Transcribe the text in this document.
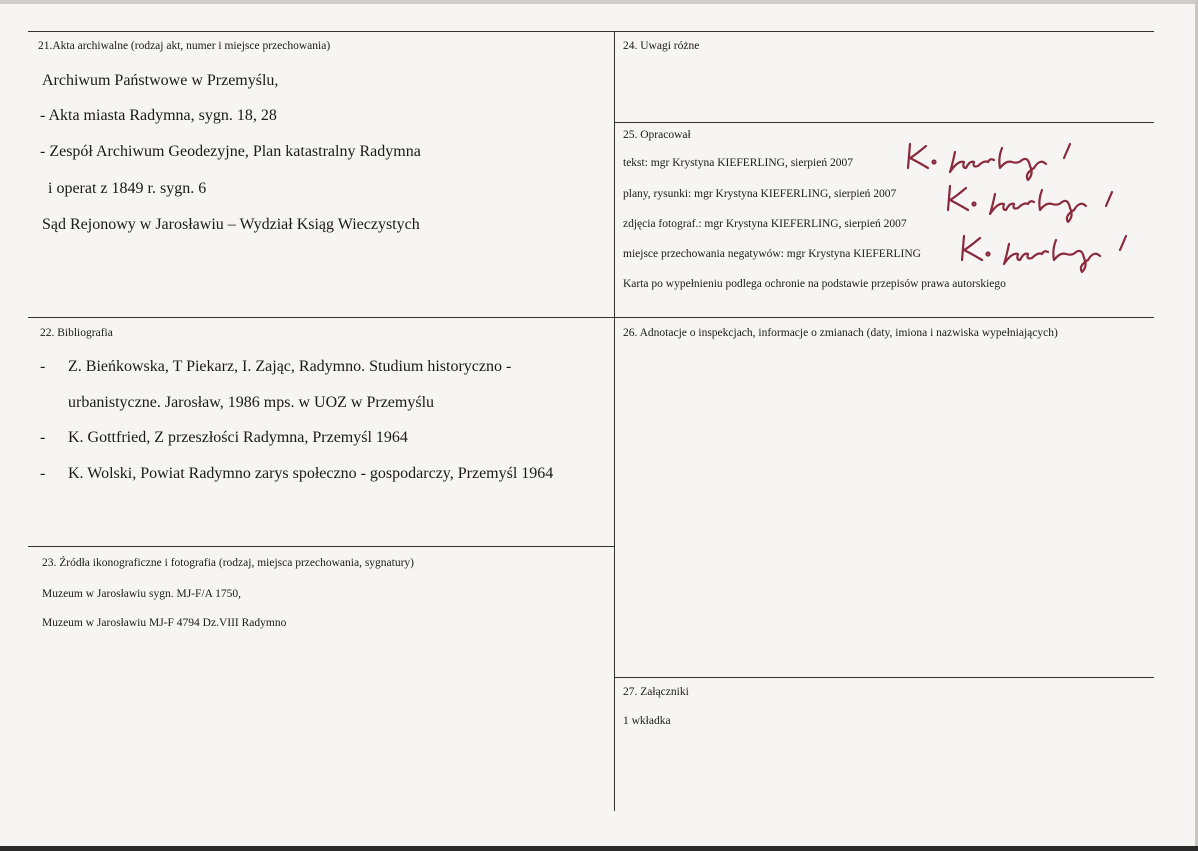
21.Akta archiwalne (rodzaj akt, numer i miejsce przechowania)
Archiwum Państwowe w Przemyślu,
- Akta miasta Radymna, sygn. 18, 28
- Zespół Archiwum Geodezyjne, Plan katastralny Radymna
i operat z 1849 r. sygn. 6
Sąd Rejonowy w Jarosławiu – Wydział Ksiąg Wieczystych
24. Uwagi różne
25. Opracował
tekst: mgr Krystyna KIEFERLING, sierpień 2007
plany, rysunki: mgr Krystyna KIEFERLING, sierpień 2007
zdjęcia fotograf.: mgr Krystyna KIEFERLING, sierpień 2007
miejsce przechowania negatywów: mgr Krystyna KIEFERLING
Karta po wypełnieniu podlega ochronie na podstawie przepisów prawa autorskiego
22. Bibliografia
- Z. Bieńkowska, T Piekarz, I. Zając, Radymno. Studium historyczno -
urbanistyczne. Jarosław, 1986 mps. w UOZ w Przemyślu
- K. Gottfried, Z przeszłości Radymna, Przemyśl 1964
- K. Wolski, Powiat Radymno zarys społeczno - gospodarczy, Przemyśl 1964
26. Adnotacje o inspekcjach, informacje o zmianach (daty, imiona i nazwiska wypełniających)
23. Źródła ikonograficzne i fotografia (rodzaj, miejsca przechowania, sygnatury)
Muzeum w Jarosławiu sygn. MJ-F/A 1750,
Muzeum w Jarosławiu MJ-F 4794 Dz.VIII Radymno
27. Załączniki
1 wkładka
